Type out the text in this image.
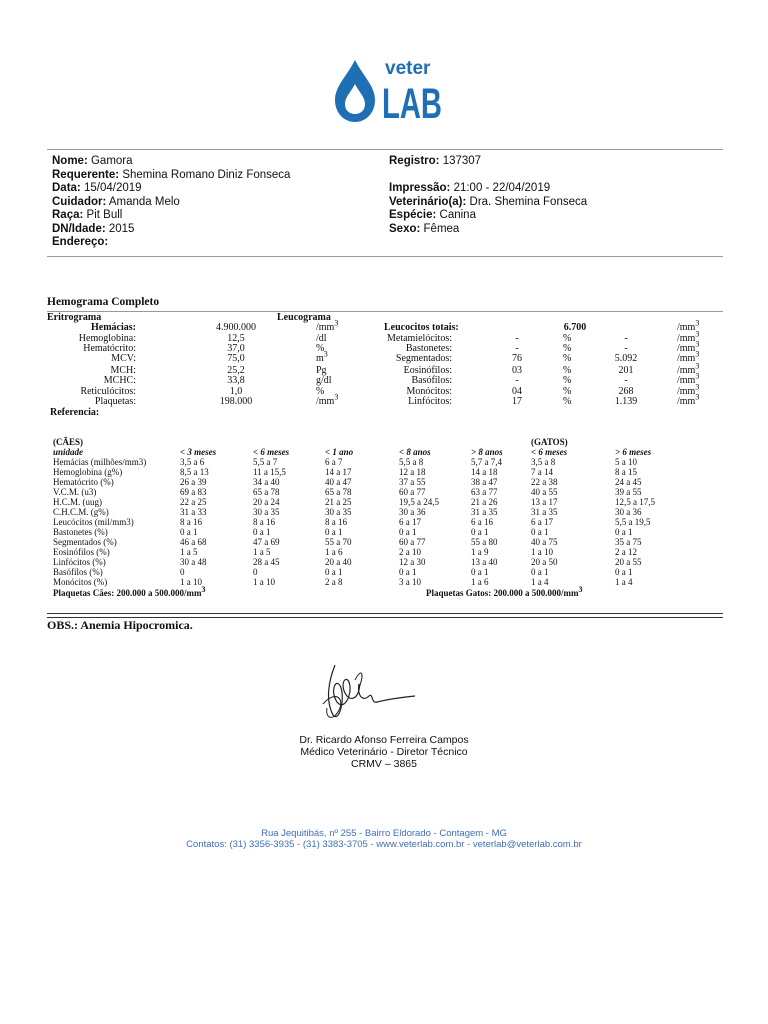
veter
LAB
Nome: Gamora
Requerente: Shemina Romano Diniz Fonseca
Data: 15/04/2019
Cuidador: Amanda Melo
Raça: Pit Bull
DN/Idade: 2015
Endereço:
Registro: 137307

Impressão: 21:00 - 22/04/2019
Veterinário(a): Dra. Shemina Fonseca
Espécie: Canina
Sexo: Fêmea
Hemograma Completo
Eritrograma	Leucograma
Hemácias:	4.900.000	$/mm^3$
Hemoglobina:	12,5	/dl
Hematócrito:	37,0	%
MCV:	75,0	$m^3$
MCH:	25,2	Pg
MCHC:	33,8	g/dl
Reticulócitos:	1,0	%
Plaquetas:	198.000	$/mm^3$
Leucocitos totais:	6.700	$/mm^3$
Metamielócitos:	-	%	-	$/mm^3$
Bastonetes:	-	%	-	$/mm^3$
Segmentados:	76	%	5.092	$/mm^3$
Eosinófilos:	03	%	201	$/mm^3$
Basófilos:	-	%	-	$/mm^3$
Monócitos:	04	%	268	$/mm^3$
Linfócitos:	17	%	1.139	$/mm^3$
Referencia:
(CÃES)	(GATOS)
unidade	< 3 meses	< 6 meses	< 1 ano	< 8 anos	> 8 anos	< 6 meses	> 6 meses
Hemácias (milhões/mm3)	3,5 a 6	5,5 a 7	6 a 7	5,5 a 8	5,7 a 7,4	3,5 a 8	5 a 10
Hemoglobina (g%)	8,5 a 13	11 a 15,5	14 a 17	12 a 18	14 a 18	7 a 14	8 a 15
Hematócrito (%)	26 a 39	34 a 40	40 a 47	37 a 55	38 a 47	22 a 38	24 a 45
V.C.M. (u3)	69 a 83	65 a 78	65 a 78	60 a 77	63 a 77	40 a 55	39 a 55
H.C.M. (uug)	22 a 25	20 a 24	21 a 25	19,5 a 24,5	21 a 26	13 a 17	12,5 a 17,5
C.H.C.M. (g%)	31 a 33	30 a 35	30 a 35	30 a 36	31 a 35	31 a 35	30 a 36
Leucócitos (mil/mm3)	8 a 16	8 a 16	8 a 16	6 a 17	6 a 16	6 a 17	5,5 a 19,5
Bastonetes (%)	0 a 1	0 a 1	0 a 1	0 a 1	0 a 1	0 a 1	0 a 1
Segmentados (%)	46 a 68	47 a 69	55 a 70	60 a 77	55 a 80	40 a 75	35 a 75
Eosinófilos (%)	1 a 5	1 a 5	1 a 6	2 a 10	1 a 9	1 a 10	2 a 12
Linfócitos (%)	30 a 48	28 a 45	20 a 40	12 a 30	13 a 40	20 a 50	20 a 55
Basófilos (%)	0	0	0 a 1	0 a 1	0 a 1	0 a 1	0 a 1
Monócitos (%)	1 a 10	1 a 10	2 a 8	3 a 10	1 a 6	1 a 4	1 a 4
Plaquetas Cães: 200.000 a $500.000/mm^3$	Plaquetas Gatos: 200.000 a $500.000/mm^3$
OBS.: Anemia Hipocromica.
Dr. Ricardo Afonso Ferreira Campos
Médico Veterinário - Diretor Técnico
CRMV – 3865
Rua Jequitibás, nº 255 - Bairro Eldorado - Contagem - MG
Contatos: (31) 3356-3935 - (31) 3383-3705 - www.veterlab.com.br - veterlab@veterlab.com.br
